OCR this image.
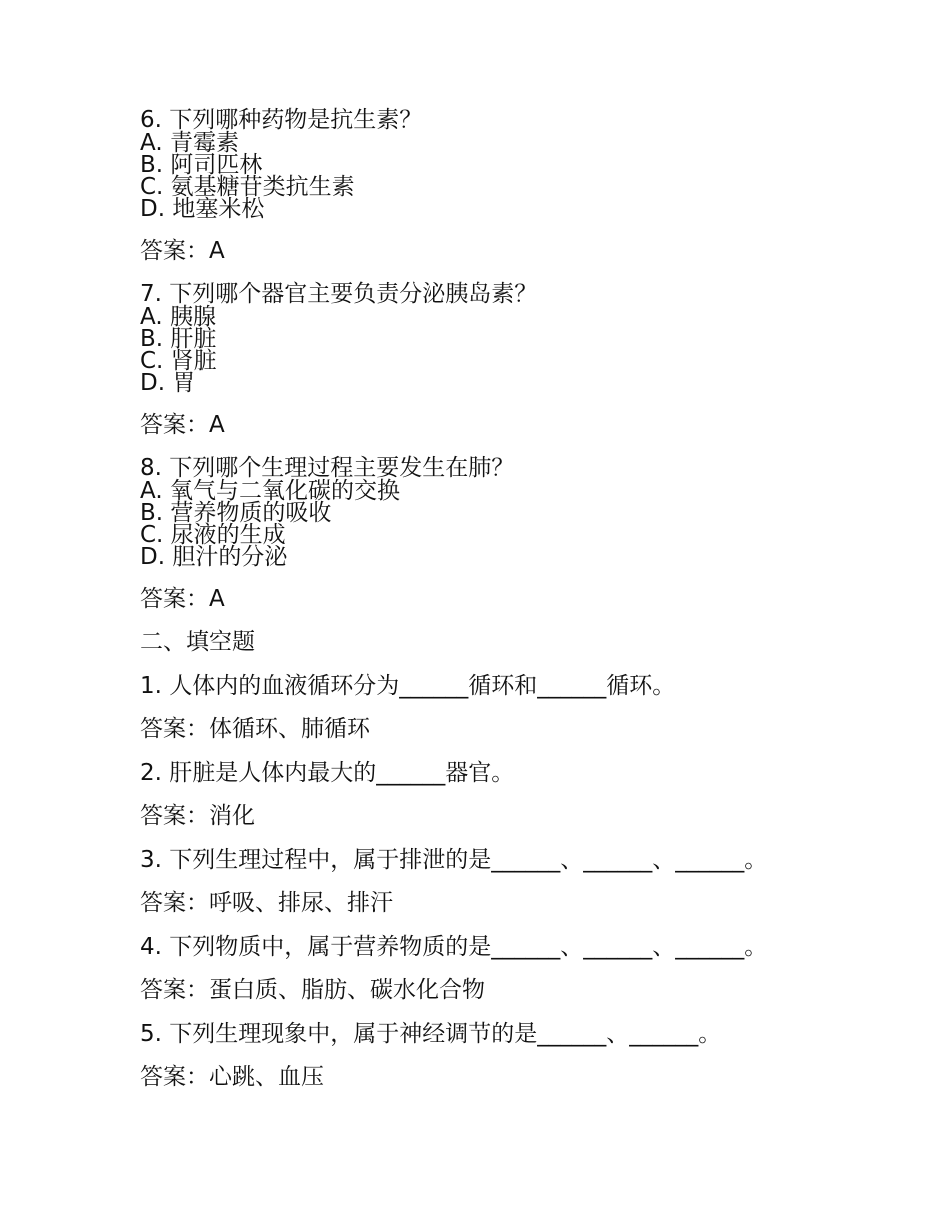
6. 下列哪种药物是抗生素？
A. 青霉素
B. 阿司匹林
C. 氨基糖苷类抗生素
D. 地塞米松
答案：A
7. 下列哪个器官主要负责分泌胰岛素？
A. 胰腺
B. 肝脏
C. 肾脏
D. 胃
答案：A
8. 下列哪个生理过程主要发生在肺？
A. 氧气与二氧化碳的交换
B. 营养物质的吸收
C. 尿液的生成
D. 胆汁的分泌
答案：A
二、填空题
1. 人体内的血液循环分为______循环和______循环。
答案：体循环、肺循环
2. 肝脏是人体内最大的______器官。
答案：消化
3. 下列生理过程中，属于排泄的是______、______、______。
答案：呼吸、排尿、排汗
4. 下列物质中，属于营养物质的是______、______、______。
答案：蛋白质、脂肪、碳水化合物
5. 下列生理现象中，属于神经调节的是______、______。
答案：心跳、血压
